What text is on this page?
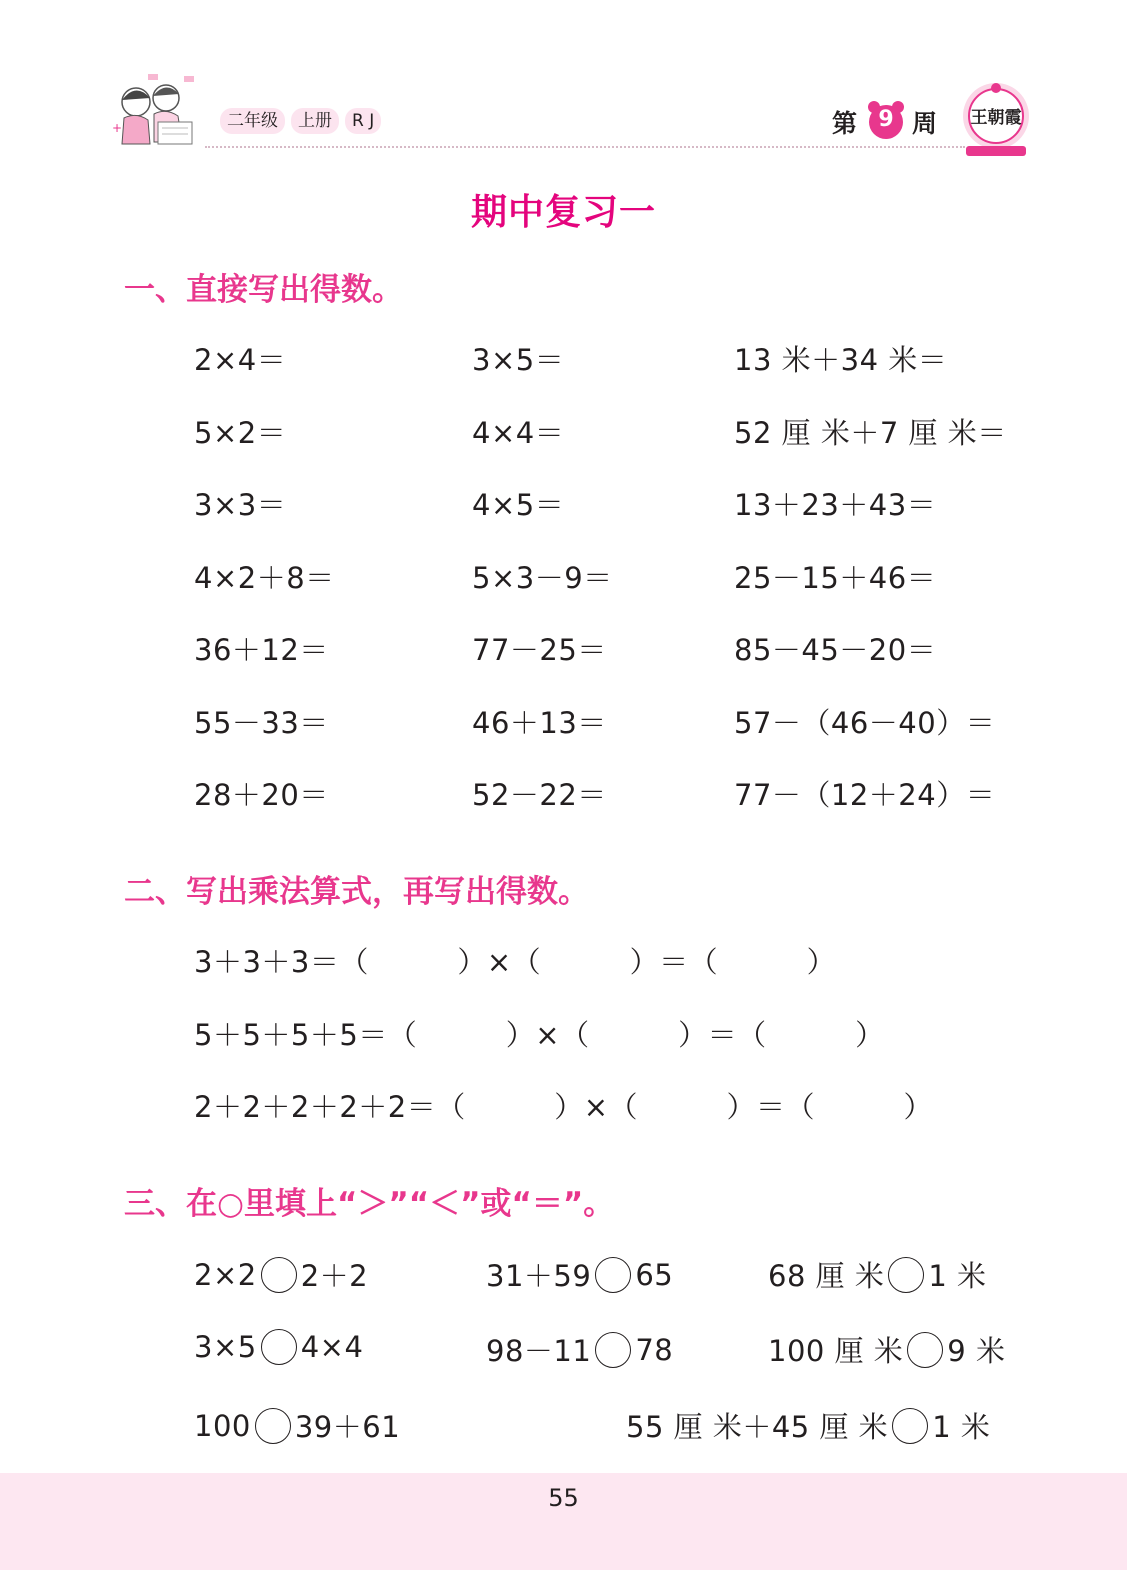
+	二年级	上册	R J	第 9 周 王朝霞
期中复习一
一、直接写出得数。
2×4＝	3×5＝	13 米＋34 米＝
5×2＝	4×4＝	52 厘 米＋7 厘 米＝
3×3＝	4×5＝	13＋23＋43＝
4×2＋8＝	5×3－9＝	25－15＋46＝
36＋12＝	77－25＝	85－45－20＝
55－33＝	46＋13＝	57－（46－40）＝
28＋20＝	52－22＝	77－（12＋24）＝
二、写出乘法算式，再写出得数。
3＋3＋3＝（　　　）×（　　　）＝（　　　）
5＋5＋5＋5＝（　　　）×（　　　）＝（　　　）
2＋2＋2＋2＋2＝（　　　）×（　　　）＝（　　　）
三、在○里填上“＞”“＜”或“＝”。
2×2 2＋2	31＋59 65	68 厘 米 1 米
3×5 4×4	98－11 78	100 厘 米 9 米
100 39＋61	55 厘 米＋45 厘 米 1 米
55
